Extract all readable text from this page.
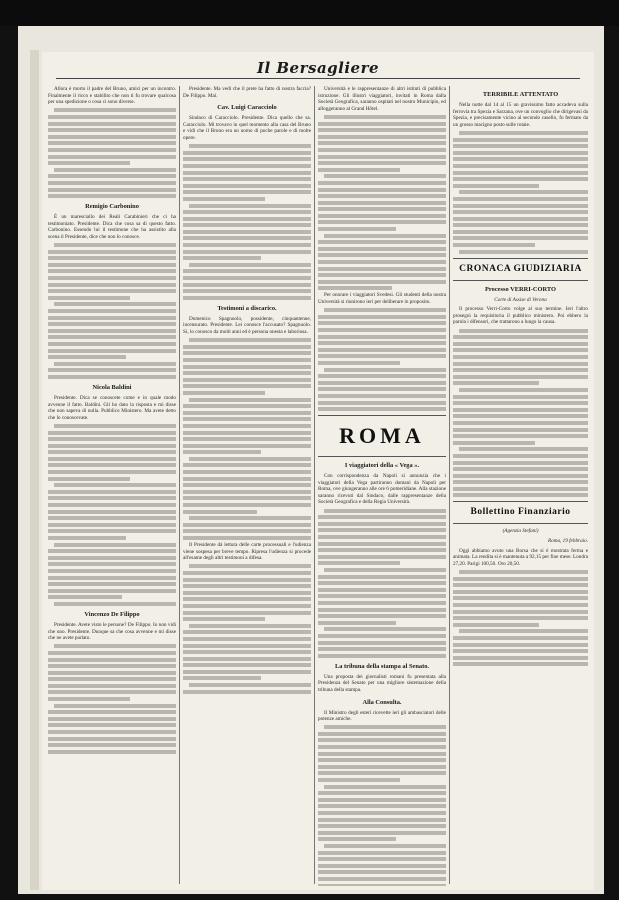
Il Bersagliere

Allora è morto il padre del Bruno, amici per un incontro. Finalmente il ricco e stabilito che non ti fu trovare qualcosa per una spedizione o cosa ci sono diverse.

Remigio Carbonino

È un maresciallo dei Reali Carabinieri che ci ha testimoniato. Presidente. Dica che cosa sa di questo fatto. Carbonino. Essendo lui il testimone che ha assistito alla scena il Presidente, dice che non lo conosce.

Nicola Baldini

Presidente. Dica se conoscete come e in quale modo avvenne il fatto. Baldini. Gli ho dato la risposta e mi disse che non sapeva di nulla. Pubblico Ministero. Ma avete detto che lo conoscevate.

Vincenzo De Filippo

Presidente. Avete visto le persone? De Filippo. Io non vidi che uno. Presidente. Dunque sa che cosa avvenne e mi disse che ne avete parlato.

Presidente. Ma vedi che il prete ha fatto di nostra faccia? De Filippo. Mai.

Cav. Luigi Caracciolo

Sindaco di Caracciolo. Presidente. Dica quello che sa. Caracciolo. Mi trovavo in quel momento alla casa del Bruno e vidi che il Bruno era un uomo di poche parole e di molte opere.

Testimoni a discarico.

Domenico Spagnuolo, possidente, cinquantenne, incensurato. Presidente. Lei conosce l'accusato? Spagnuolo. Si, lo conosco da molti anni ed è persona onesta e laboriosa.

Il Presidente dà lettura delle carte processuali e l'udienza viene sospesa per breve tempo. Ripresa l'udienza si procede all'esame degli altri testimoni a difesa.

Università e le rappresentanze di altri istituti di pubblica istruzione. Gli illustri viaggiatori, invitati in Roma dalla Società Geografica, saranno ospitati nel nostro Municipio, ed alloggeranno al Grand Hôtel.

Per onorare i viaggiatori Svedesi. Gli studenti della nostra Università si riunirono ieri per deliberare in proposito.

ROMA
I viaggiatori della « Vega ».

Con corrispondenza da Napoli si annunzia che i viaggiatori della Vega partiranno domani da Napoli per Roma, ove giungeranno alle ore 6 pomeridiane. Alla stazione saranno ricevuti dal Sindaco, dalle rappresentanze della Società Geografica e della Regia Università.

La tribuna della stampa al Senato.

Una proposta dei giornalisti romani fu presentata alla Presidenza del Senato per una migliore sistemazione della tribuna della stampa.

Alla Consulta.

Il Ministro degli esteri ricevette ieri gli ambasciatori delle potenze amiche.

TERRIBILE ATTENTATO

Nella notte dal 14 al 15 un gravissimo fatto accadeva sulla ferrovia tra Spezia e Sarzana, ove un convoglio che dirigevasi da Spezia, e precisamente vicino al secondo casello, fu fermato da un grosso macigno posto sulle rotaie.

CRONACA GIUDIZIARIA
Processo VERRI-CORTO
Corte di Assise di Verona

Il processo Verri-Corto volge al suo termine. Ieri l'altro proseguì la requisitoria il pubblico ministero. Poi ebbero la parola i difensori, che trattarono a lungo la causa.

Bollettino Finanziario
(Agenzia Stefani)
Roma, 19 febbraio.

Oggi abbiamo avuto una Borsa che si è mostrata ferma e animata. La rendita si è mantenuta a 92,15 per fine mese. Londra 27,20. Parigi 100,50. Oro 20,50.
